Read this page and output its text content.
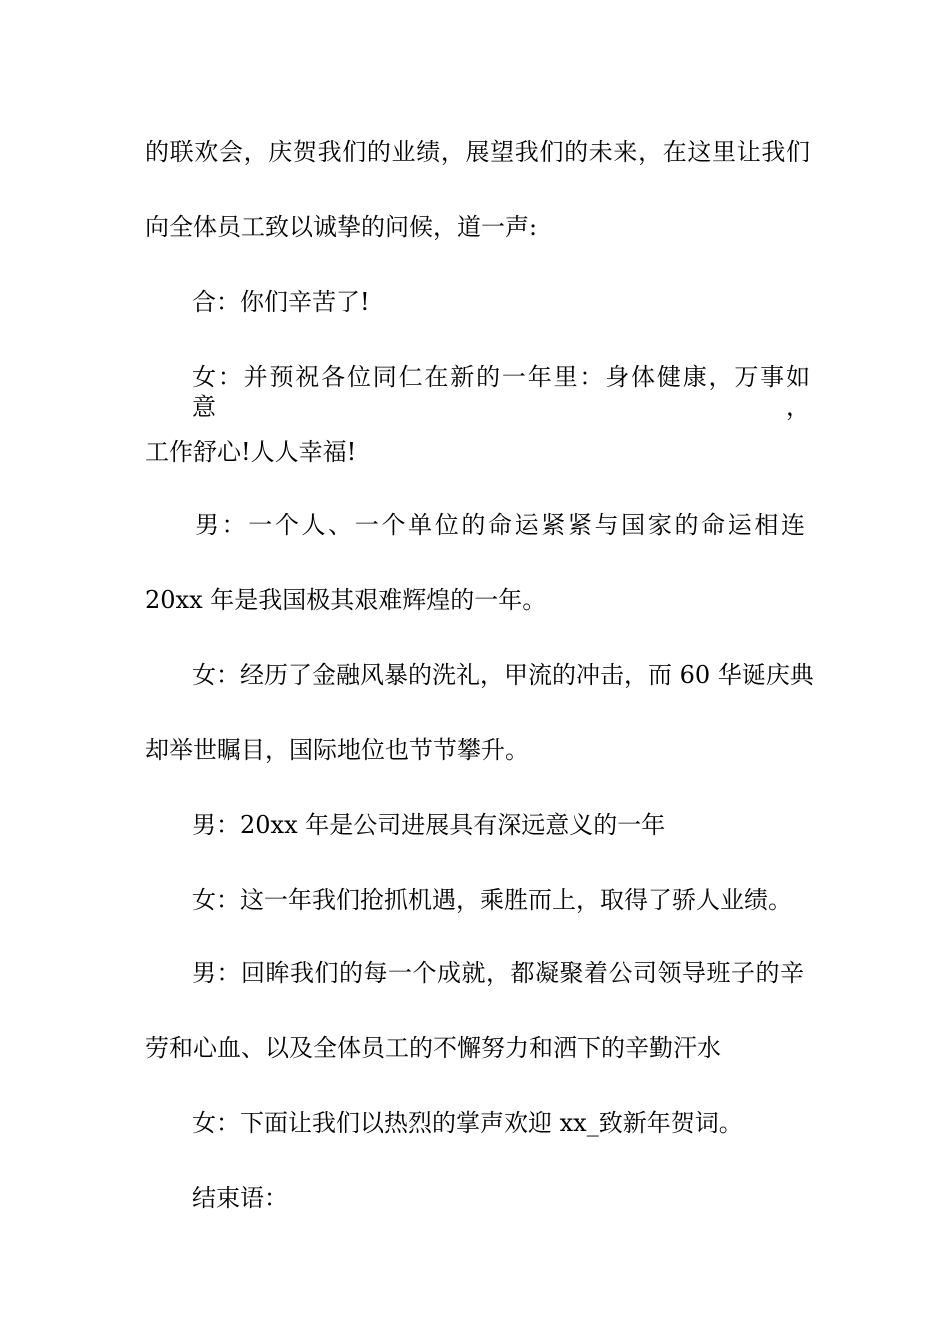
的联欢会，庆贺我们的业绩，展望我们的未来，在这里让我们
向全体员工致以诚挚的问候，道一声:
合：你们辛苦了!
女：并预祝各位同仁在新的一年里：身体健康，万事如意，
工作舒心!人人幸福!
男：一个人、一个单位的命运紧紧与国家的命运相连
20xx 年是我国极其艰难辉煌的一年。
女：经历了金融风暴的洗礼，甲流的冲击，而 60 华诞庆典
却举世瞩目，国际地位也节节攀升。
男：20xx 年是公司进展具有深远意义的一年
女：这一年我们抢抓机遇，乘胜而上，取得了骄人业绩。
男：回眸我们的每一个成就，都凝聚着公司领导班子的辛
劳和心血、以及全体员工的不懈努力和洒下的辛勤汗水
女：下面让我们以热烈的掌声欢迎 xx_致新年贺词。
结束语：
